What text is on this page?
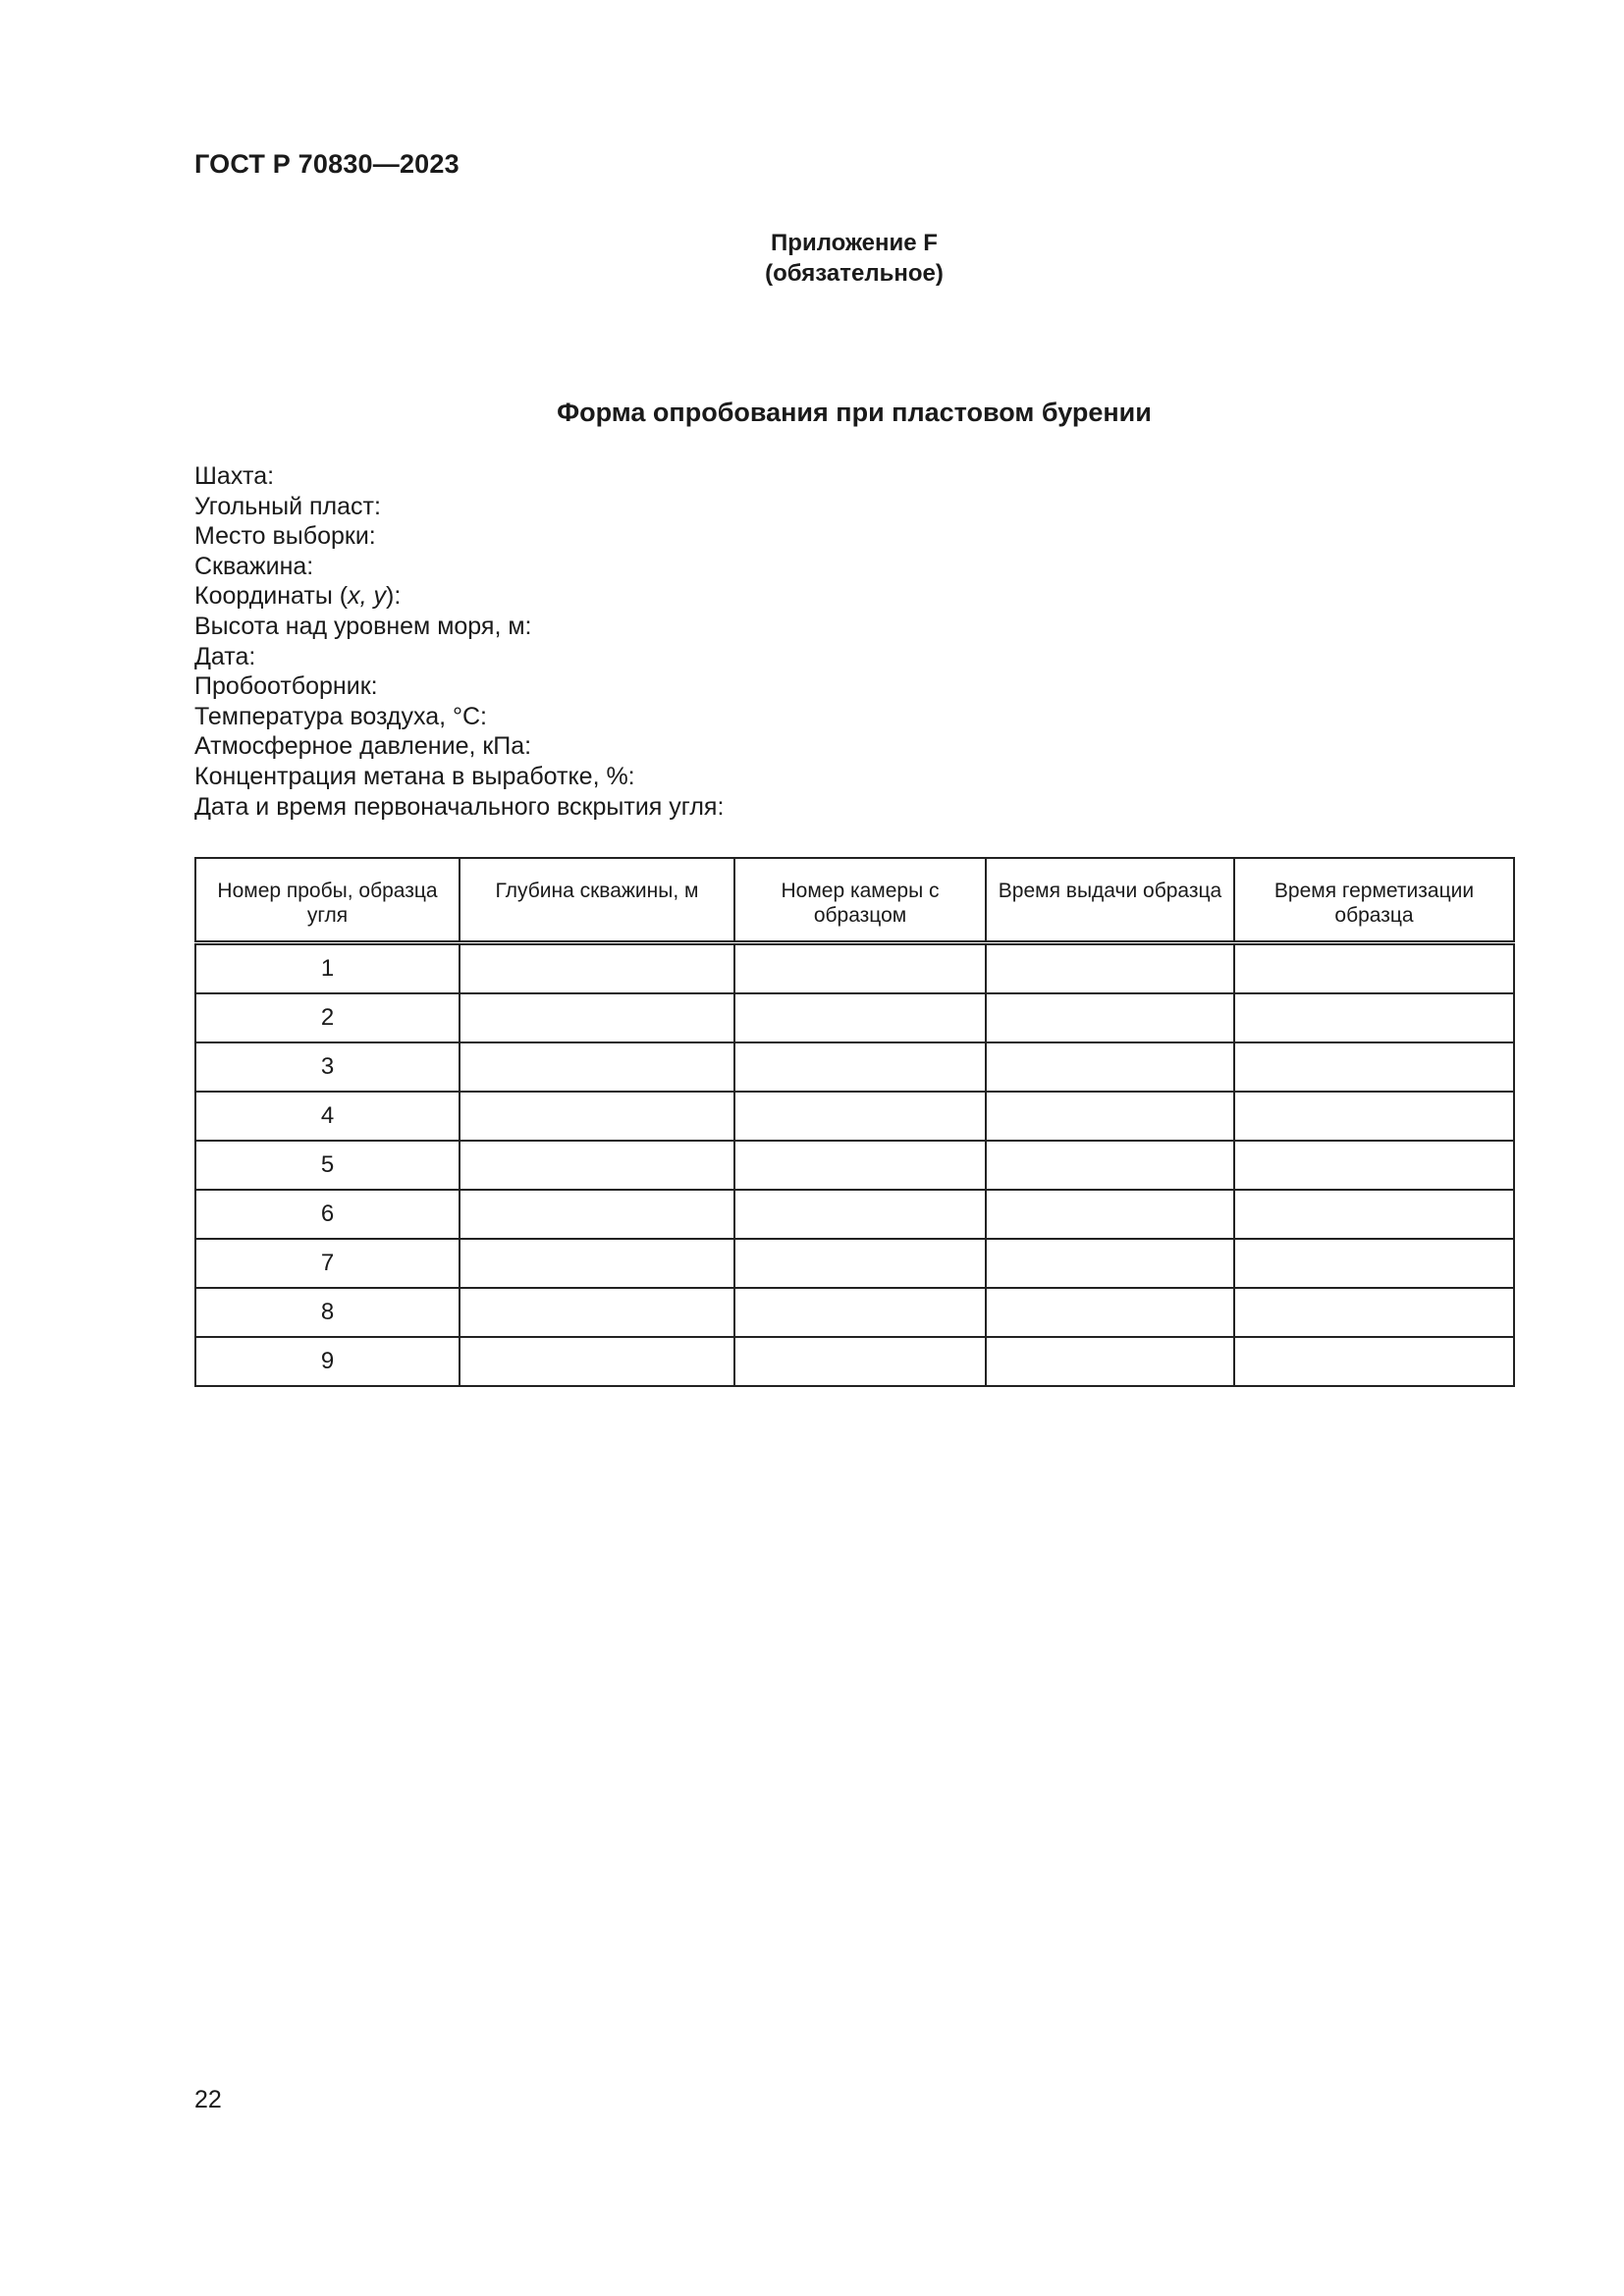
ГОСТ Р 70830—2023
Приложение F
(обязательное)
Форма опробования при пластовом бурении
Шахта:
Угольный пласт:
Место выборки:
Скважина:
Координаты (x, y):
Высота над уровнем моря, м:
Дата:
Пробоотборник:
Температура воздуха, °С:
Атмосферное давление, кПа:
Концентрация метана в выработке, %:
Дата и время первоначального вскрытия угля:
Номер пробы, образца угля	Глубина скважины, м	Номер камеры с образцом	Время выдачи образца	Время герметизации образца
1				
2				
3				
4				
5				
6				
7				
8				
9				
22
